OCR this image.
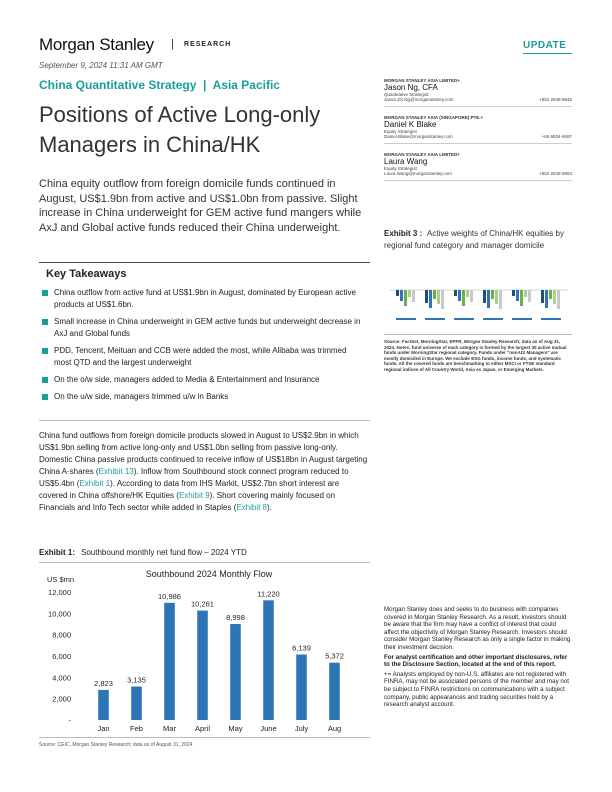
Morgan Stanley | RESEARCH	UPDATE
September 9, 2024 11:31 AM GMT
China Quantitative Strategy  |  Asia Pacific
Positions of Active Long-only Managers in China/HK

China equity outflow from foreign domicile funds continued in August, US$1.9bn from active and US$1.0bn from passive. Slight increase in China underweight for GEM active fund mangers while AxJ and Global active funds reduced their China underweight.

Key Takeaways
China outflow from active fund at US$1.9bn in August, dominated by European active products at US$1.6bn.
Small increase in China underweight in GEM active funds but underweight decrease in AxJ and Global funds
PDD, Tencent, Meituan and CCB were added the most, while Alibaba was trimmed most QTD and the largest underweight
On the o/w side, managers added to Media & Entertainment and Insurance
On the u/w side, managers trimmed u/w in Banks

China fund outflows from foreign domicile products slowed in August to US$2.9bn in which US$1.9bn selling from active long-only and US$1.0bn selling from passive long-only. Domestic China passive products continued to receive inflow of US$18bn in August targeting China A-shares (Exhibit 13). Inflow from Southbound stock connect program reduced to US$5.4bn (Exhibit 1). According to data from IHS Markit, US$2.7bn short interest are covered in China offshore/HK Equities (Exhibit 9). Short covering mainly focused on Financials and Info Tech sector while added in Staples (Exhibit 8).

Exhibit 1: Southbound monthly net fund flow – 2024 YTD
Southbound 2024 Monthly Flow
US $mn
-
2,000
4,000
6,000
8,000
10,000
12,000
2,823
Jan
3,135
Feb
10,986
Mar
10,261
April
8,998
May
11,220
June
6,139
July
5,372
Aug
Source: CEIC, Morgan Stanley Research; data as of August 31, 2024
MORGAN STANLEY ASIA LIMITED+
Jason Ng, CFA
Quantitative Strategist
Jason.ZX.Ng@morganstanley.com	+852 2848-8845
MORGAN STANLEY ASIA (SINGAPORE) PTE.+
Daniel K Blake
Equity Strategist
Daniel.Blake@morganstanley.com	+65 6834-6597
MORGAN STANLEY ASIA LIMITED+
Laura Wang
Equity Strategist
Laura.Wang@morganstanley.com	+852 2848-6853
Exhibit 3 : Active weights of China/HK equities by regional fund category and manager domicile
Source: FactSet, MorningStar, EPFR, Morgan Stanley Research; data as of Aug 31, 2024. Notes: fund universe of each category is formed by the largest 30 active mutual funds under MorningStar regional category. Funds under "non-US Managers" are mostly domiciled in Europe. We exclude ESG funds, income funds, and systematic funds. All the covered funds are benchmarking to either MSCI or FTSE standard regional indices of All Country World, Asia ex Japan, or Emerging Markets.

Morgan Stanley does and seeks to do business with companies covered in Morgan Stanley Research. As a result, investors should be aware that the firm may have a conflict of interest that could affect the objectivity of Morgan Stanley Research. Investors should consider Morgan Stanley Research as only a single factor in making their investment decision.

For analyst certification and other important disclosures, refer to the Disclosure Section, located at the end of this report.

+= Analysts employed by non-U.S. affiliates are not registered with FINRA, may not be associated persons of the member and may not be subject to FINRA restrictions on communications with a subject company, public appearances and trading securities held by a research analyst account.
